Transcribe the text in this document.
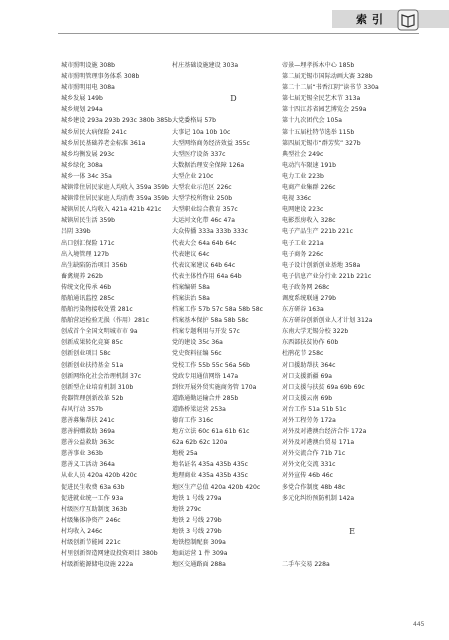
索引
城市照明设施 308b
城市照明管理事务体系 308b
城市照明用电 308a
城乡发展 149b
城乡规划 294a
城乡建设 293a 293b 293c 380b 385b
城乡居民大病保险 241c
城乡居民基础养老金标准 361a
城乡均衡发展 293c
城乡绿化 308a
城乡一体 34c 35a
城镇常住居民家庭人均收入 359a 359b
城镇常住居民家庭人均消费 359a 359b
城镇居民人均收入 421a 421b 421c
城镇居民生活 359b
吕阴 339b
出口创汇保险 171c
出入境管理 127b
出生缺陷防治项目 356b
畜禽规养 262b
传统文化传承 46b
船舶通讯监控 285c
船舶污染物接收处置 281c
船舶营运检验无损（作用）281c
创成首个全国文明城市市 9a
创新成果转化竞赛 85c
创新创业项目 58c
创新创业扶持基金 51a
创新网络化社会治理机制 37c
创新型企业培育机制 310b
瓷器管理创新改革 52b
春风行动 357b
慈善募集帮扶 241c
慈善捐赠救助 369a
慈善公益救助 363c
慈善事业 363b
慈善义工活动 364a
从业人员 420a 420b 420c
促进民生收费 63a 63b
促进就业统一工作 93a
村级医疗互助制度 363b
村级集体净资产 246c
村均收入 246c
村级创新节能园 221c
村里创新智造网建设投资项目 380b
村级新能源储电设施 222a
村庄基础设施建设 303a
D
大党委格局 57b
大事记 10a 10b 10c
大型网络商务经济效益 355c
大型医疗设备 337c
大数据治理安全保障 126a
大型企业 210c
大型农业示范区 226c
大型学校所物业 250b
大型职业综合教育 357c
大运河文化带 46c 47a
大众传播 333a 333b 333c
代表大会 64a 64b 64c
代表建议 64c
代表议案建议 64b 64c
代表主体性作用 64a 64b
档案编研 58a
档案法治 58a
档案工作 57b 57c 58a 58b 58c
档案基本保护 58a 58b 58c
档案专题利用与开发 57c
党的建设 35c 36a
党史资料征编 56c
党校工作 55b 55c 56a 56b
党政专用通信网络 147a
到位开展外贸实施商务管 170a
道路通勤运输合并 285b
道路桥梁运营 253a
德育工作 316c
地方立法 60c 61a 61b 61c
62a 62b 62c 120a
地税 25a
地名证名 435a 435b 435c
地理商业 435a 435b 435c
地区生产总值 420a 420b 420c
地铁 1 号线 279a
地铁 279c
地铁 2 号线 279b
地铁 3 号线 279b
地铁控制配套 309a
地面运营 1 件 309a
地区交通路面 288a
帝景—埋孝拆木中心 185b
第二届无锡市国际动画大赛 328b
第二十二届“书香江阴”读书节 330a
第七届无锡全民艺术节 313a
第十四江苏省园艺博览会 259a
第十九次团代会 105a
第十五届杜特节选举 115b
第四届无锡市“群芳奖” 327b
典型社会 249c
电动汽车限速 191b
电力工业 223b
电商产业集群 226c
电视 336c
电网建设 223c
电影票房收入 328c
电子产品生产 221b 221c
电子工业 221a
电子商务 226c
电子设计创新创业基地 358a
电子信息产业分行业 221b 221c
电子政务网 268c
调度系统联通 279b
东方研谷 163a
东方研谷创新创业人才计划 312a
东南大学无锡分校 322b
东西部扶贫协作 60b
杜鹃花节 258c
对口援助帮扶 364c
对口支援新疆 69a
对口支援与扶贫 69a 69b 69c
对口支援云南 69b
对台工作 51a 51b 51c
对外工程劳务 172a
对外及对港澳台经济合作 172a
对外及对港澳台贸易 171a
对外交流合作 71b 71c
对外文化交流 331c
对外宣传 46b 46c
多党合作制度 48b 48c
多元化纠纷预防机制 142a
E
二手车交易 228a
445
